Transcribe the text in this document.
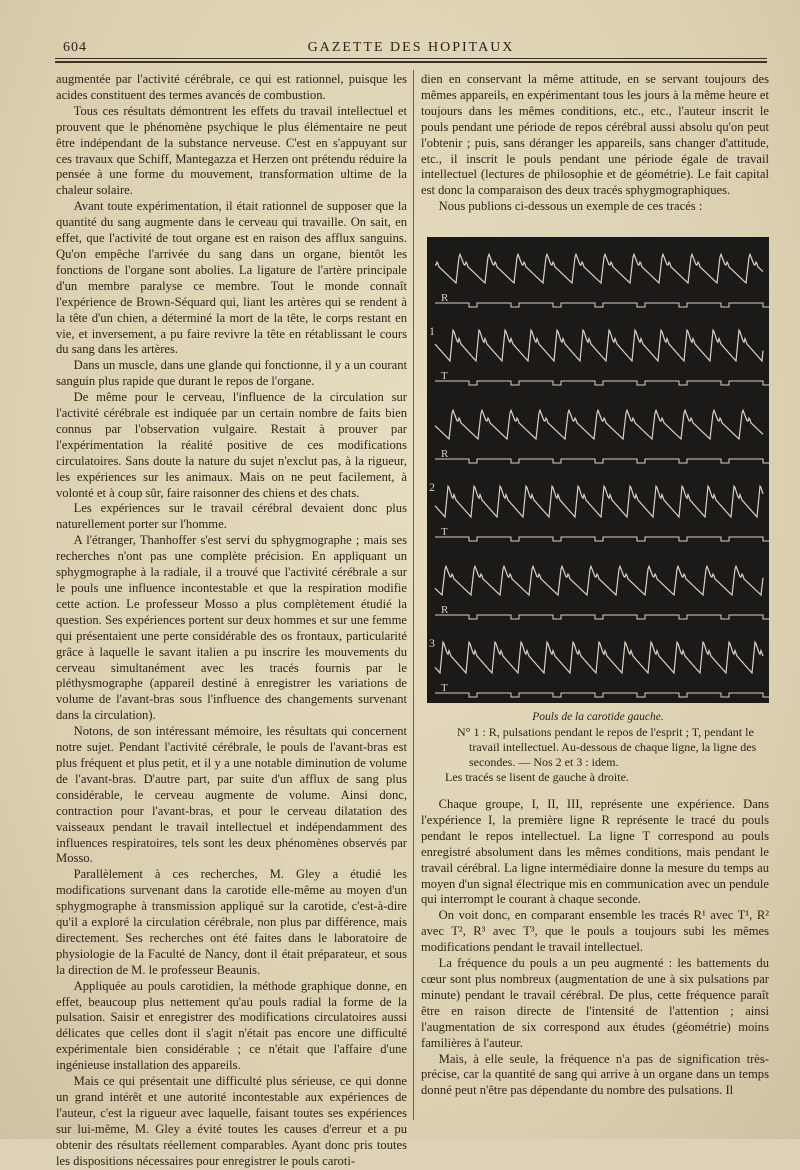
604	GAZETTE DES HOPITAUX

augmentée par l'activité cérébrale, ce qui est rationnel, puisque les acides constituent des termes avancés de combustion.

Tous ces résultats démontrent les effets du travail intellectuel et prouvent que le phénomène psychique le plus élémentaire ne peut être indépendant de la substance nerveuse. C'est en s'appuyant sur ces travaux que Schiff, Mantegazza et Herzen ont prétendu réduire la pensée à une forme du mouvement, transformation ultime de la chaleur solaire.

Avant toute expérimentation, il était rationnel de supposer que la quantité du sang augmente dans le cerveau qui travaille. On sait, en effet, que l'activité de tout organe est en raison des afflux sanguins. Qu'on empêche l'arrivée du sang dans un organe, bientôt les fonctions de l'organe sont abolies. La ligature de l'artère principale d'un membre paralyse ce membre. Tout le monde connaît l'expérience de Brown-Séquard qui, liant les artères qui se rendent à la tête d'un chien, a déterminé la mort de la tête, le corps restant en vie, et inversement, a pu faire revivre la tête en rétablissant le cours du sang dans les artères.

Dans un muscle, dans une glande qui fonctionne, il y a un courant sanguin plus rapide que durant le repos de l'organe.

De même pour le cerveau, l'influence de la circulation sur l'activité cérébrale est indiquée par un certain nombre de faits bien connus par l'observation vulgaire. Restait à prouver par l'expérimentation la réalité positive de ces modifications circulatoires. Sans doute la nature du sujet n'exclut pas, à la rigueur, les expériences sur les animaux. Mais on ne peut facilement, à volonté et à coup sûr, faire raisonner des chiens et des chats.

Les expériences sur le travail cérébral devaient donc plus naturellement porter sur l'homme.

A l'étranger, Thanhoffer s'est servi du sphygmographe ; mais ses recherches n'ont pas une complète précision. En appliquant un sphygmographe à la radiale, il a trouvé que l'activité cérébrale a sur le pouls une influence incontestable et que la respiration modifie cette action. Le professeur Mosso a plus complètement étudié la question. Ses expériences portent sur deux hommes et sur une femme qui présentaient une perte considérable des os frontaux, particularité grâce à laquelle le savant italien a pu inscrire les mouvements du cerveau simultanément avec les tracés fournis par le pléthysmographe (appareil destiné à enregistrer les variations de volume de l'avant-bras sous l'influence des changements survenant dans la circulation).

Notons, de son intéressant mémoire, les résultats qui concernent notre sujet. Pendant l'activité cérébrale, le pouls de l'avant-bras est plus fréquent et plus petit, et il y a une notable diminution de volume de l'avant-bras. D'autre part, par suite d'un afflux de sang plus considérable, le cerveau augmente de volume. Ainsi donc, contraction pour l'avant-bras, et pour le cerveau dilatation des vaisseaux pendant le travail intellectuel et indépendamment des influences respiratoires, tels sont les deux phénomènes observés par Mosso.

Parallèlement à ces recherches, M. Gley a étudié les modifications survenant dans la carotide elle-même au moyen d'un sphygmographe à transmission appliqué sur la carotide, c'est-à-dire qu'il a exploré la circulation cérébrale, non plus par différence, mais directement. Ses recherches ont été faites dans le laboratoire de physiologie de la Faculté de Nancy, dont il était préparateur, et sous la direction de M. le professeur Beaunis.

Appliquée au pouls carotidien, la méthode graphique donne, en effet, beaucoup plus nettement qu'au pouls radial la forme de la pulsation. Saisir et enregistrer des modifications circulatoires aussi délicates que celles dont il s'agit n'était pas encore une difficulté expérimentale bien considérable ; ce n'était que l'affaire d'une ingénieuse installation des appareils.

Mais ce qui présentait une difficulté plus sérieuse, ce qui donne un grand intérêt et une autorité incontestable aux expériences de l'auteur, c'est la rigueur avec laquelle, faisant toutes ses expériences sur lui-même, M. Gley a évité toutes les causes d'erreur et a pu obtenir des résultats réellement comparables. Ayant donc pris toutes les dispositions nécessaires pour enregistrer le pouls caroti-

dien en conservant la même attitude, en se servant toujours des mêmes appareils, en expérimentant tous les jours à la même heure et toujours dans les mêmes conditions, etc., etc., l'auteur inscrit le pouls pendant une période de repos cérébral aussi absolu qu'on peut l'obtenir ; puis, sans déranger les appareils, sans changer d'attitude, etc., il inscrit le pouls pendant une période égale de travail intellectuel (lectures de philosophie et de géométrie). Le fait capital est donc la comparaison des deux tracés sphygmographiques.

Nous publions ci-dessous un exemple de ces tracés :

R
T
1
R
T
2
R
T
3
Pouls de la carotide gauche.
N° 1 : R, pulsations pendant le repos de l'esprit ; T, pendant le travail intellectuel. Au-dessous de chaque ligne, la ligne des secondes. — Nos 2 et 3 : idem.
Les tracés se lisent de gauche à droite.

Chaque groupe, I, II, III, représente une expérience. Dans l'expérience I, la première ligne R représente le tracé du pouls pendant le repos intellectuel. La ligne T correspond au pouls enregistré absolument dans les mêmes conditions, mais pendant le travail cérébral. La ligne intermédiaire donne la mesure du temps au moyen d'un signal électrique mis en communication avec un pendule qui interrompt le courant à chaque seconde.

On voit donc, en comparant ensemble les tracés R¹ avec T¹, R² avec T², R³ avec T³, que le pouls a toujours subi les mêmes modifications pendant le travail intellectuel.

La fréquence du pouls a un peu augmenté : les battements du cœur sont plus nombreux (augmentation de une à six pulsations par minute) pendant le travail cérébral. De plus, cette fréquence paraît être en raison directe de l'intensité de l'attention ; ainsi l'augmentation de six correspond aux études (géométrie) moins familières à l'auteur.

Mais, à elle seule, la fréquence n'a pas de signification très-précise, car la quantité de sang qui arrive à un organe dans un temps donné peut n'être pas dépendante du nombre des pulsations. Il
